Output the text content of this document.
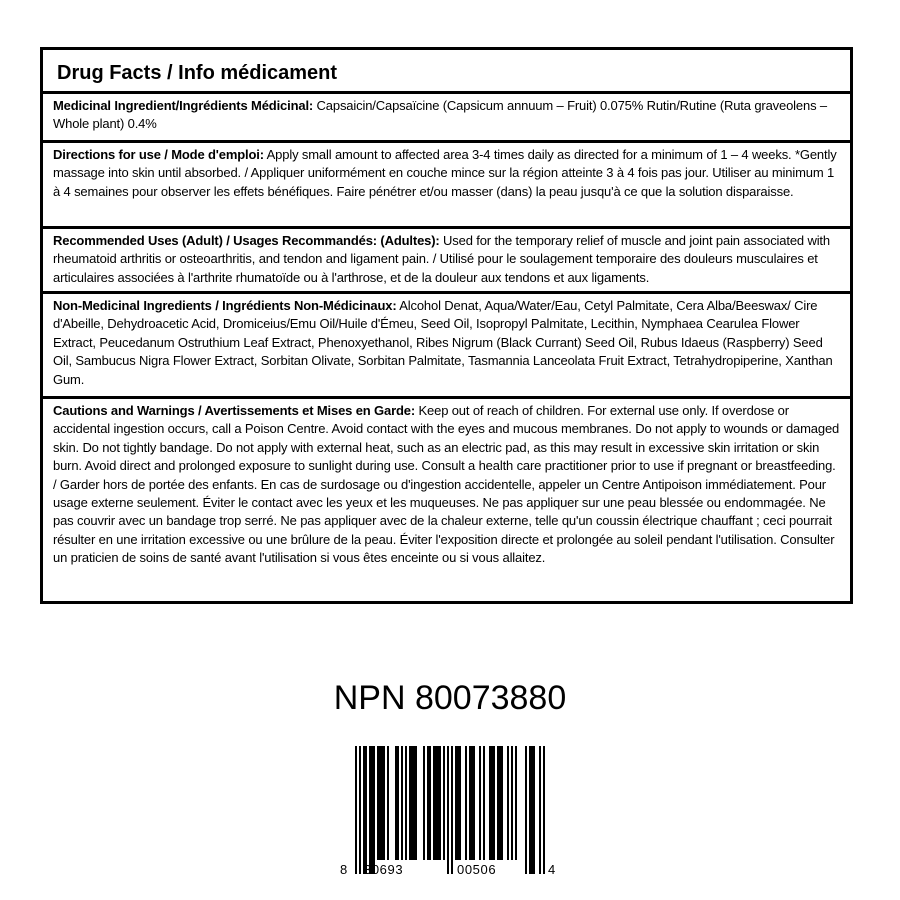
Drug Facts / Info médicament
Medicinal Ingredient/Ingrédients Médicinal: Capsaicin/Capsaïcine (Capsicum annuum – Fruit) 0.075% Rutin/Rutine (Ruta graveolens – Whole plant) 0.4%
Directions for use / Mode d'emploi: Apply small amount to affected area 3-4 times daily as directed for a minimum of 1 – 4 weeks. *Gently massage into skin until absorbed. / Appliquer uniformément en couche mince sur la région atteinte 3 à 4 fois pas jour. Utiliser au minimum 1 à 4 semaines pour observer les effets bénéfiques. Faire pénétrer et/ou masser (dans) la peau jusqu'à ce que la solution disparaisse.
Recommended Uses (Adult) / Usages Recommandés: (Adultes): Used for the temporary relief of muscle and joint pain associated with rheumatoid arthritis or osteoarthritis, and tendon and ligament pain. / Utilisé pour le soulagement temporaire des douleurs musculaires et articulaires associées à l'arthrite rhumatoïde ou à l'arthrose, et de la douleur aux tendons et aux ligaments.
Non-Medicinal Ingredients / Ingrédients Non-Médicinaux: Alcohol Denat, Aqua/Water/Eau, Cetyl Palmitate, Cera Alba/Beeswax/ Cire d'Abeille, Dehydroacetic Acid, Dromiceius/Emu Oil/Huile d'Émeu, Seed Oil, Isopropyl Palmitate, Lecithin, Nymphaea Cearulea Flower Extract, Peucedanum Ostruthium Leaf Extract, Phenoxyethanol, Ribes Nigrum (Black Currant) Seed Oil, Rubus Idaeus (Raspberry) Seed Oil, Sambucus Nigra Flower Extract, Sorbitan Olivate, Sorbitan Palmitate, Tasmannia Lanceolata Fruit Extract, Tetrahydropiperine, Xanthan Gum.
Cautions and Warnings / Avertissements et Mises en Garde: Keep out of reach of children. For external use only. If overdose or accidental ingestion occurs, call a Poison Centre. Avoid contact with the eyes and mucous membranes. Do not apply to wounds or damaged skin. Do not tightly bandage. Do not apply with external heat, such as an electric pad, as this may result in excessive skin irritation or skin burn. Avoid direct and prolonged exposure to sunlight during use. Consult a health care practitioner prior to use if pregnant or breastfeeding. / Garder hors de portée des enfants. En cas de surdosage ou d'ingestion accidentelle, appeler un Centre Antipoison immédiatement. Pour usage externe seulement. Éviter le contact avec les yeux et les muqueuses. Ne pas appliquer sur une peau blessée ou endommagée. Ne pas couvrir avec un bandage trop serré. Ne pas appliquer avec de la chaleur externe, telle qu'un coussin électrique chauffant ; ceci pourrait résulter en une irritation excessive ou une brûlure de la peau. Éviter l'exposition directe et prolongée au soleil pendant l'utilisation. Consulter un praticien de soins de santé avant l'utilisation si vous êtes enceinte ou si vous allaitez.
NPN 80073880
8 30693	00506	4
